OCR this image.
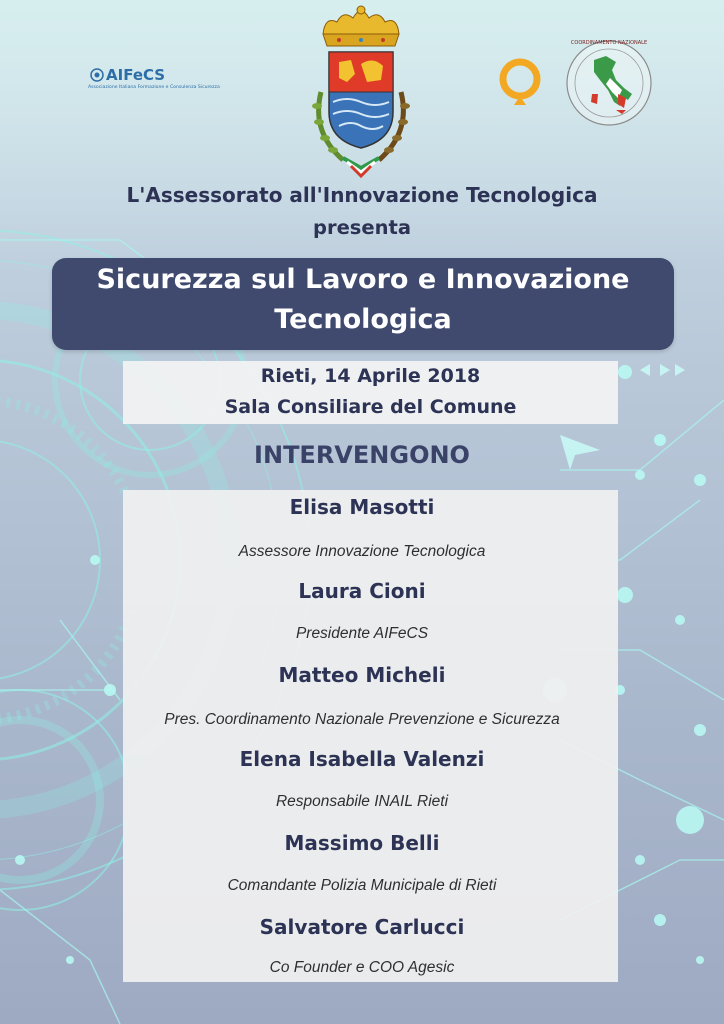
AIFeCS
Associazione Italiana Formazione e Consulenza Sicurezza
COORDINAMENTO NAZIONALE
L'Assessorato all'Innovazione Tecnologica
presenta
Sicurezza sul Lavoro e Innovazione
Tecnologica
Rieti, 14 Aprile 2018
Sala Consiliare del Comune
INTERVENGONO
Elisa Masotti
Assessore Innovazione Tecnologica
Laura Cioni
Presidente AIFeCS
Matteo Micheli
Pres. Coordinamento Nazionale Prevenzione e Sicurezza
Elena Isabella Valenzi
Responsabile INAIL Rieti
Massimo Belli
Comandante Polizia Municipale di Rieti
Salvatore Carlucci
Co Founder e COO Agesic
